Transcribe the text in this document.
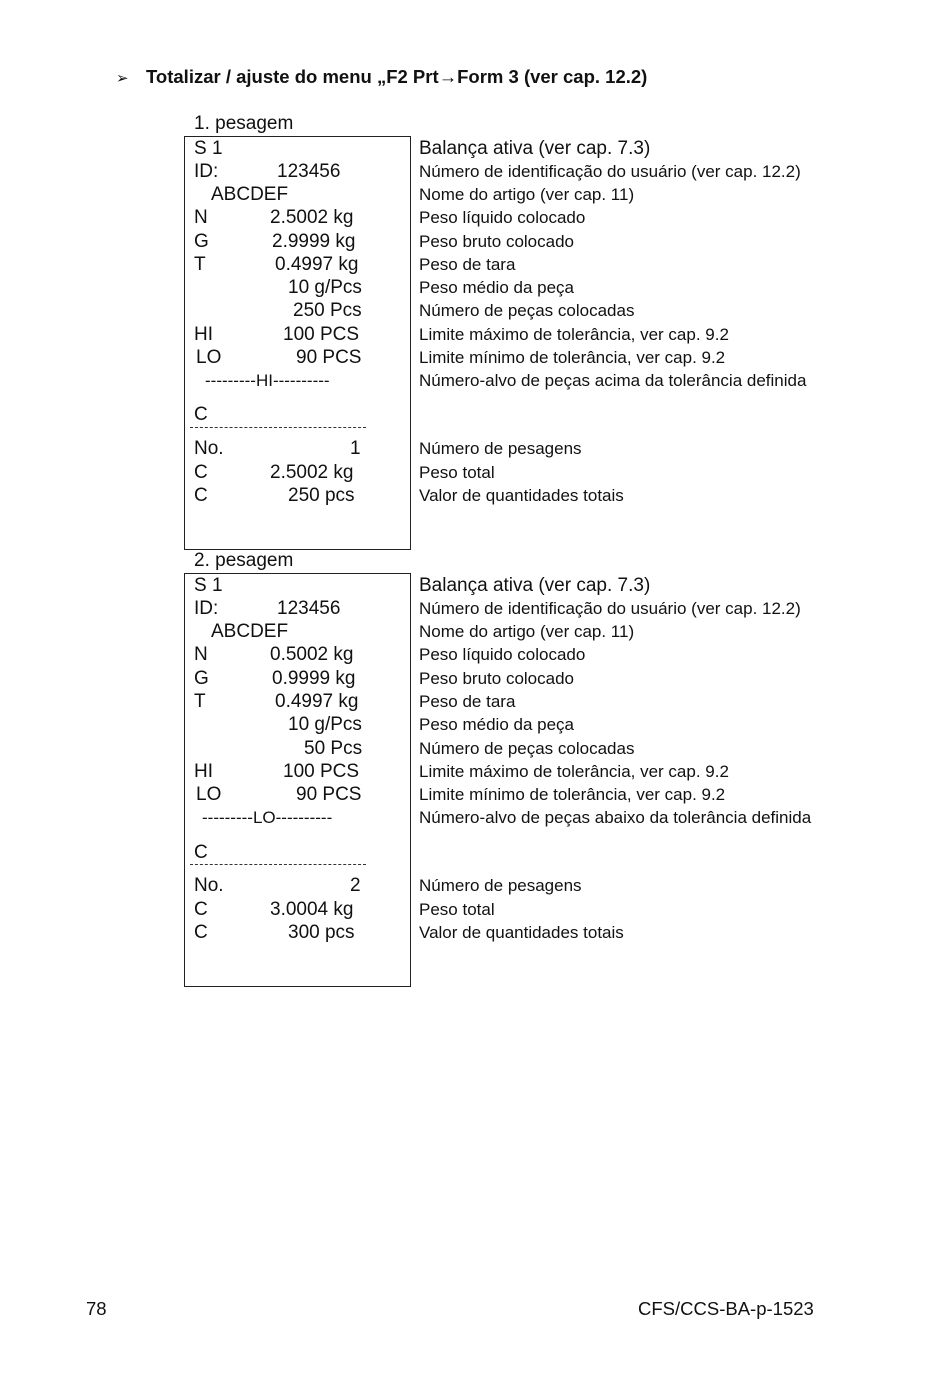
➢ Totalizar / ajuste do menu „F2 Prt→Form 3 (ver cap. 12.2)
1. pesagem
S 1	Balança ativa (ver cap. 7.3)
ID:	123456	Número de identificação do usuário (ver cap. 12.2)
ABCDEF	Nome do artigo (ver cap. 11)
N	2.5002 kg	Peso líquido colocado
G	2.9999 kg	Peso bruto colocado
T	0.4997 kg	Peso de tara
10 g/Pcs	Peso médio da peça
250 Pcs	Número de peças colocadas
HI	100 PCS	Limite máximo de tolerância, ver cap. 9.2
LO	90 PCS	Limite mínimo de tolerância, ver cap. 9.2
---------HI----------	Número-alvo de peças acima da tolerância definida
C
No.	1	Número de pesagens
C	2.5002 kg	Peso total
C	250 pcs	Valor de quantidades totais
2. pesagem
S 1	Balança ativa (ver cap. 7.3)
ID:	123456	Número de identificação do usuário (ver cap. 12.2)
ABCDEF	Nome do artigo (ver cap. 11)
N	0.5002 kg	Peso líquido colocado
G	0.9999 kg	Peso bruto colocado
T	0.4997 kg	Peso de tara
10 g/Pcs	Peso médio da peça
50 Pcs	Número de peças colocadas
HI	100 PCS	Limite máximo de tolerância, ver cap. 9.2
LO	90 PCS	Limite mínimo de tolerância, ver cap. 9.2
---------LO----------	Número-alvo de peças abaixo da tolerância definida
C
No.	2	Número de pesagens
C	3.0004 kg	Peso total
C	300 pcs	Valor de quantidades totais
78	CFS/CCS-BA-p-1523
